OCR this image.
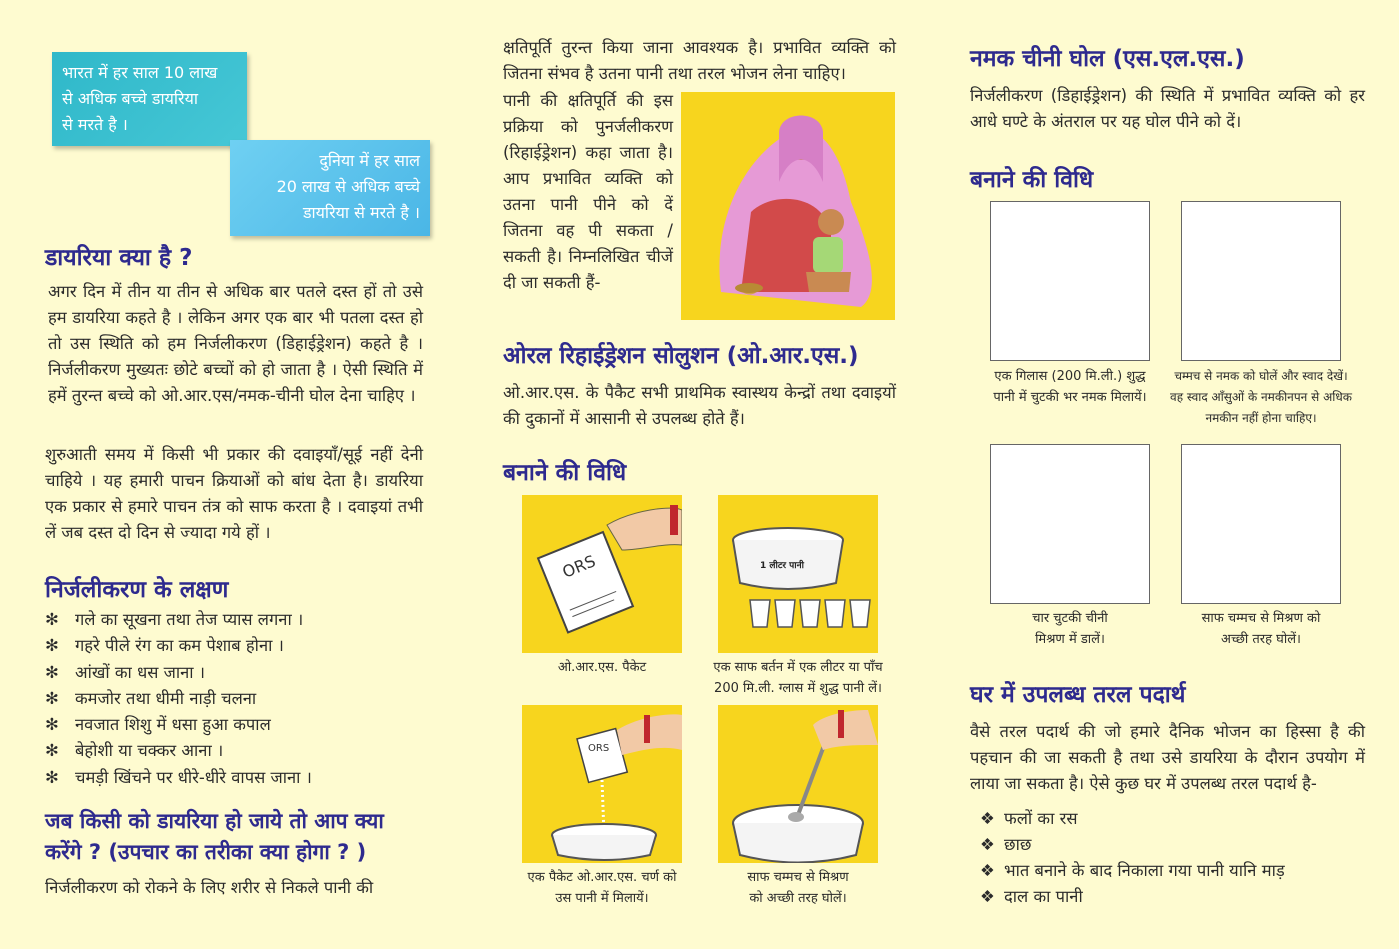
भारत में हर साल 10 लाख
से अधिक बच्चे डायरिया
से मरते है ।
दुनिया में हर साल
20 लाख से अधिक बच्चे
डायरिया से मरते है ।
डायरिया क्या है ?

अगर दिन में तीन या तीन से अधिक बार पतले दस्त हों तो उसे हम डायरिया कहते है । लेकिन अगर एक बार भी पतला दस्त हो तो उस स्थिति को हम निर्जलीकरण (डिहाईड्रेशन) कहते है । निर्जलीकरण मुख्यतः छोटे बच्चों को हो जाता है । ऐसी स्थिति में हमें तुरन्त बच्चे को ओ.आर.एस/नमक-चीनी घोल देना चाहिए ।

शुरुआती समय में किसी भी प्रकार की दवाइयाँ/सूई नहीं देनी चाहिये । यह हमारी पाचन क्रियाओं को बांध देता है। डायरिया एक प्रकार से हमारे पाचन तंत्र को साफ करता है । दवाइयां तभी लें जब दस्त दो दिन से ज्यादा गये हों ।

निर्जलीकरण के लक्षण
✻ गले का सूखना तथा तेज प्यास लगना ।
✻ गहरे पीले रंग का कम पेशाब होना ।
✻ आंखों का धस जाना ।
✻ कमजोर तथा धीमी नाड़ी चलना
✻ नवजात शिशु में धसा हुआ कपाल
✻ बेहोशी या चक्कर आना ।
✻ चमड़ी खिंचने पर धीरे-धीरे वापस जाना ।
जब किसी को डायरिया हो जाये तो आप क्या
करेंगे ? (उपचार का तरीका क्या होगा ? )

निर्जलीकरण को रोकने के लिए शरीर से निकले पानी की

क्षतिपूर्ति तुरन्त किया जाना आवश्यक है। प्रभावित व्यक्ति को जितना संभव है उतना पानी तथा तरल भोजन लेना चाहिए।

पानी की क्षतिपूर्ति की इस प्रक्रिया को पुनर्जलीकरण (रिहाईड्रेशन) कहा जाता है। आप प्रभावित व्यक्ति को उतना पानी पीने को दें जितना वह पी सकता / सकती है। निम्नलिखित चीजें दी जा सकती हैं-

ओरल रिहाईड्रेशन सोलुशन (ओ.आर.एस.)

ओ.आर.एस. के पैकैट सभी प्राथमिक स्वास्थय केन्द्रों तथा दवाइयों की दुकानों में आसानी से उपलब्ध होते हैं।

बनाने की विधि
ORS	1 लीटर पानी
ओ.आर.एस. पैकेट	एक साफ बर्तन में एक लीटर या पाँच
200 मि.ली. ग्लास में शुद्ध पानी लें।
ORS
एक पैकेट ओ.आर.एस. चर्ण को
उस पानी में मिलायें।
साफ चम्मच से मिश्रण
को अच्छी तरह घोलें।
नमक चीनी घोल (एस.एल.एस.)

निर्जलीकरण (डिहाईड्रेशन) की स्थिति में प्रभावित व्यक्ति को हर आधे घण्टे के अंतराल पर यह घोल पीने को दें।

बनाने की विधि
एक गिलास (200 मि.ली.) शुद्ध
पानी में चुटकी भर नमक मिलायें।
चम्मच से नमक को घोलें और स्वाद देखें।
वह स्वाद आँसुओं के नमकीनपन से अधिक
नमकीन नहीं होना चाहिए।
चार चुटकी चीनी
मिश्रण में डालें।
साफ चम्मच से मिश्रण को
अच्छी तरह घोलें।
घर में उपलब्ध तरल पदार्थ

वैसे तरल पदार्थ की जो हमारे दैनिक भोजन का हिस्सा है की पहचान की जा सकती है तथा उसे डायरिया के दौरान उपयोग में लाया जा सकता है। ऐसे कुछ घर में उपलब्ध तरल पदार्थ है-

❖ फलों का रस
❖ छाछ
❖ भात बनाने के बाद निकाला गया पानी यानि माड़
❖ दाल का पानी
